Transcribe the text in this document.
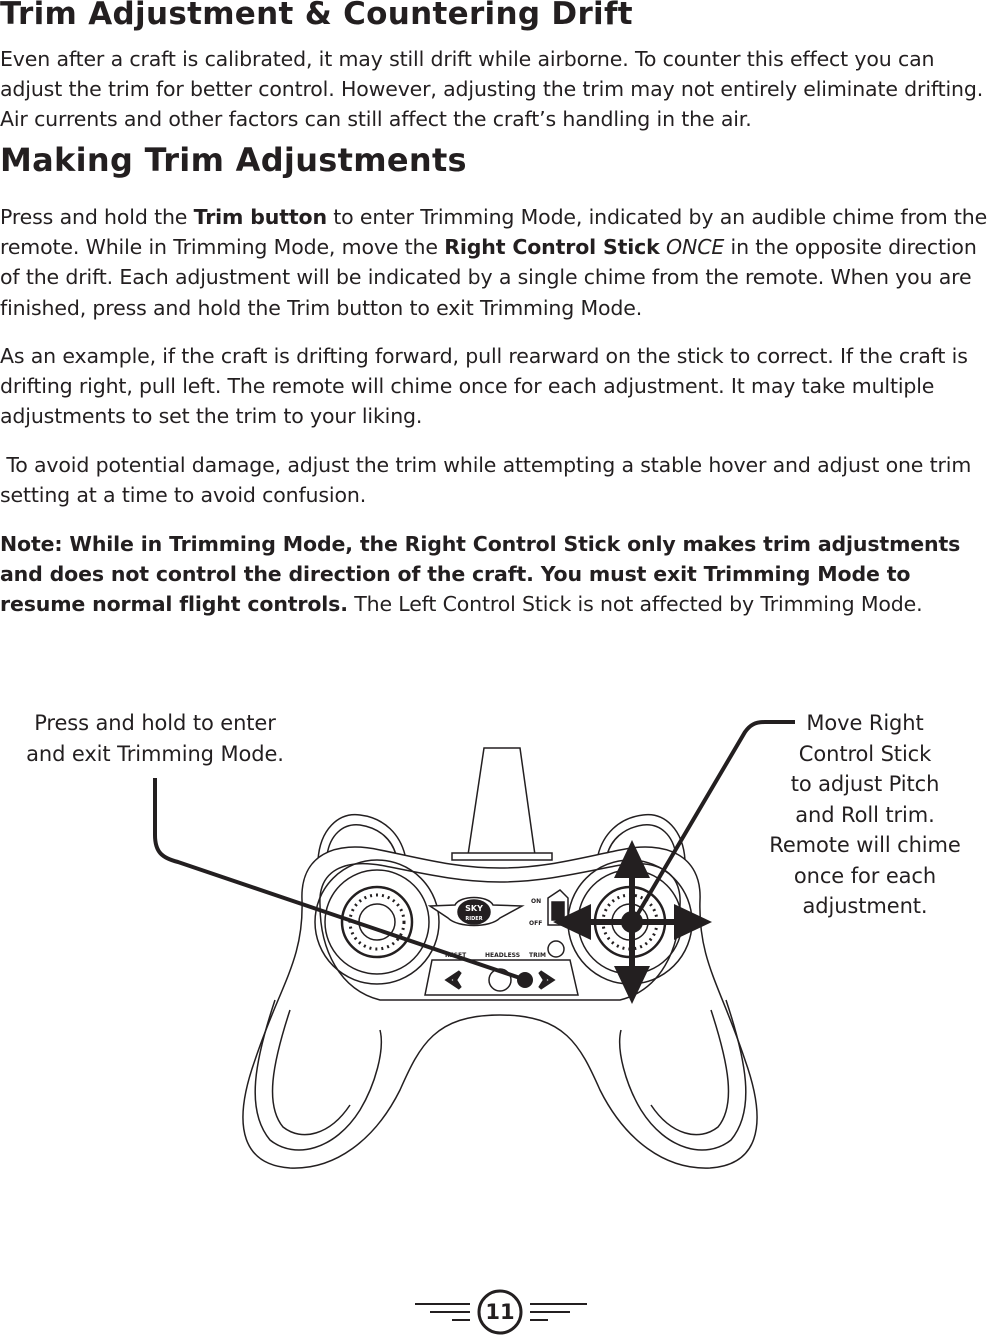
Trim Adjustment & Countering Drift

Even after a craft is calibrated, it may still drift while airborne. To counter this effect you can adjust the trim for better control. However, adjusting the trim may not entirely eliminate drifting. Air currents and other factors can still affect the craft’s handling in the air.

Making Trim Adjustments

Press and hold the Trim button to enter Trimming Mode, indicated by an audible chime from the remote. While in Trimming Mode, move the Right Control Stick ONCE in the opposite direction of the drift. Each adjustment will be indicated by a single chime from the remote. When you are finished, press and hold the Trim button to exit Trimming Mode.

As an example, if the craft is drifting forward, pull rearward on the stick to correct. If the craft is drifting right, pull left. The remote will chime once for each adjustment. It may take multiple adjustments to set the trim to your liking.

To avoid potential damage, adjust the trim while attempting a stable hover and adjust one trim setting at a time to avoid confusion.

Note: While in Trimming Mode, the Right Control Stick only makes trim adjustments and does not control the direction of the craft. You must exit Trimming Mode to resume normal flight controls. The Left Control Stick is not affected by Trimming Mode.

Press and hold to enter
and exit Trimming Mode.
Move Right
Control Stick
to adjust Pitch
and Roll trim.
Remote will chime
once for each
adjustment.
SKY
RIDER
ON
OFF
RESET	HEADLESS TRIM
11
